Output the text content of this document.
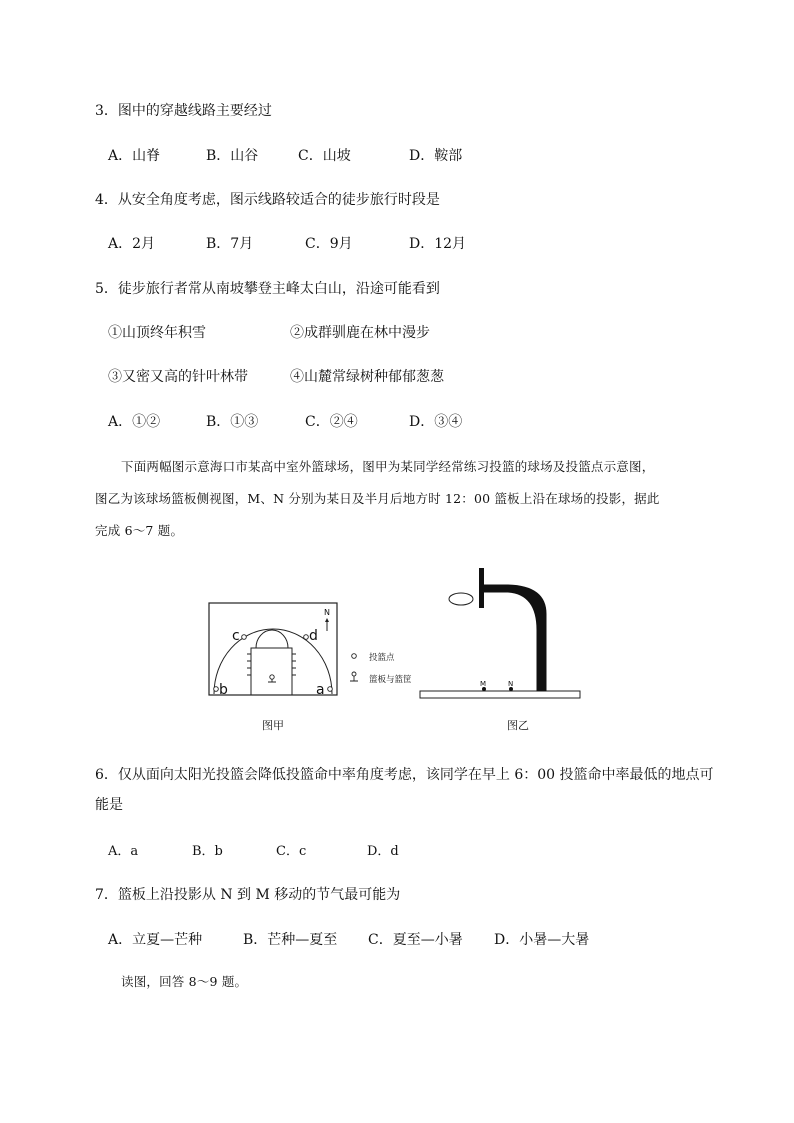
3．图中的穿越线路主要经过
A．山脊	B．山谷	C．山坡	D．鞍部
4．从安全角度考虑，图示线路较适合的徒步旅行时段是
A．2月	B．7月	C．9月	D．12月
5．徒步旅行者常从南坡攀登主峰太白山，沿途可能看到
①山顶终年积雪	②成群驯鹿在林中漫步
③又密又高的针叶林带	④山麓常绿树种郁郁葱葱
A．①②	B．①③	C．②④	D．③④
下面两幅图示意海口市某高中室外篮球场，图甲为某同学经常练习投篮的球场及投篮点示意图，
图乙为该球场篮板侧视图，M、N 分别为某日及半月后地方时 12：00 篮板上沿在球场的投影，据此
完成 6～7 题。
a
b
c	d
N
投篮点
篮板与篮筐	M	N
图甲	图乙
6．仅从面向太阳光投篮会降低投篮命中率角度考虑，该同学在早上 6：00 投篮命中率最低的地点可
能是
A．a	B．b	C．c	D．d
7．篮板上沿投影从 N 到 M 移动的节气最可能为
A．立夏—芒种	B．芒种—夏至 C．夏至—小暑 D．小暑—大暑
读图，回答 8～9 题。
